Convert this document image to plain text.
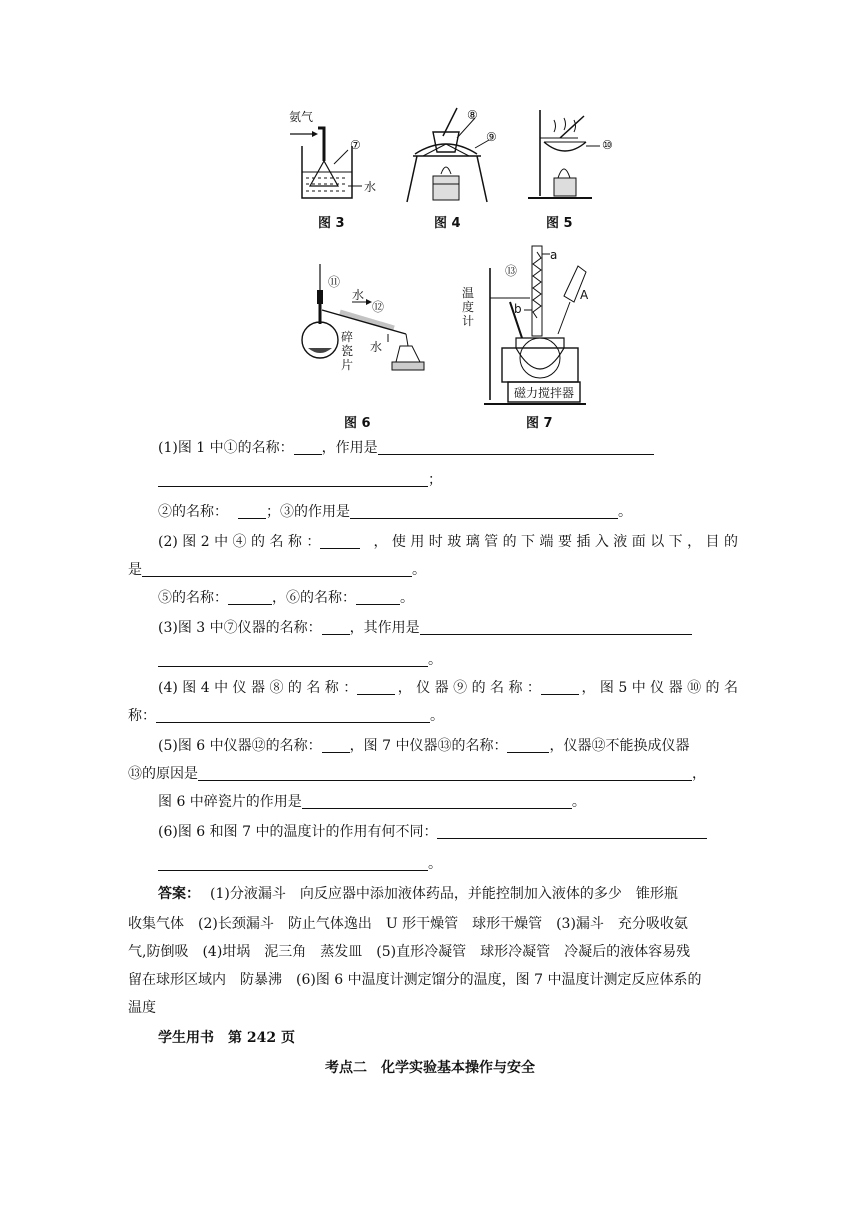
氨气
⑦
水
图 3
⑧
⑨
图 4
⑩
图 5
⑪
水
⑫
水
碎瓷片
图 6
⑬
a
b
A
温度计
磁力搅拌器
图 7
(1)图 1 中①的名称： ，作用是
；
②的名称：	；③的作用是	。
(2) 图 2 中 ④ 的 名 称 ：	， 使 用 时 玻 璃 管 的 下 端 要 插 入 液 面 以 下 ， 目 的
是	。
⑤的名称：	，⑥的名称：	。
(3)图 3 中⑦仪器的名称： ，其作用是
。
(4) 图 4 中 仪 器 ⑧ 的 名 称 ：	， 仪 器 ⑨ 的 名 称 ：	， 图 5 中 仪 器 ⑩ 的 名
称：	。
(5)图 6 中仪器⑫的名称： ，图 7 中仪器⑬的名称：	，仪器⑫不能换成仪器
⑬的原因是	，
图 6 中碎瓷片的作用是	。
(6)图 6 和图 7 中的温度计的作用有何不同：
。
答案： (1)分液漏斗　向反应器中添加液体药品，并能控制加入液体的多少　锥形瓶
收集气体　(2)长颈漏斗　防止气体逸出　U 形干燥管　球形干燥管　(3)漏斗　充分吸收氨
气,防倒吸　(4)坩埚　泥三角　蒸发皿　(5)直形冷凝管　球形冷凝管　冷凝后的液体容易残
留在球形区域内　防暴沸　(6)图 6 中温度计测定馏分的温度，图 7 中温度计测定反应体系的
温度
学生用书　第 242 页
考点二　化学实验基本操作与安全
